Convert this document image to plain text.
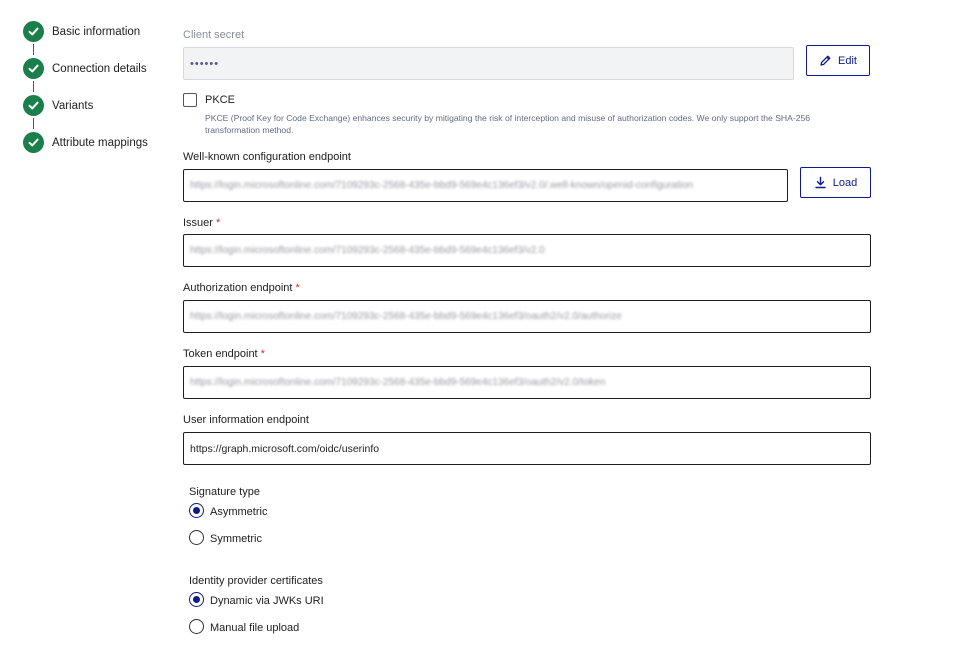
Basic information
Connection details
Variants
Attribute mappings
Client secret
••••••	Edit
PKCE
PKCE (Proof Key for Code Exchange) enhances security by mitigating the risk of interception and misuse of authorization codes. We only support the SHA-256 transformation method.
Well-known configuration endpoint
https://login.microsoftonline.com/7109293c-2568-435e-bbd9-569e4c136ef3/v2.0/.well-known/openid-configuration	Load
Issuer *
https://login.microsoftonline.com/7109293c-2568-435e-bbd9-569e4c136ef3/v2.0
Authorization endpoint *
https://login.microsoftonline.com/7109293c-2568-435e-bbd9-569e4c136ef3/oauth2/v2.0/authorize
Token endpoint *
https://login.microsoftonline.com/7109293c-2568-435e-bbd9-569e4c136ef3/oauth2/v2.0/token
User information endpoint
https://graph.microsoft.com/oidc/userinfo
Signature type
Asymmetric
Symmetric
Identity provider certificates
Dynamic via JWKs URI
Manual file upload
